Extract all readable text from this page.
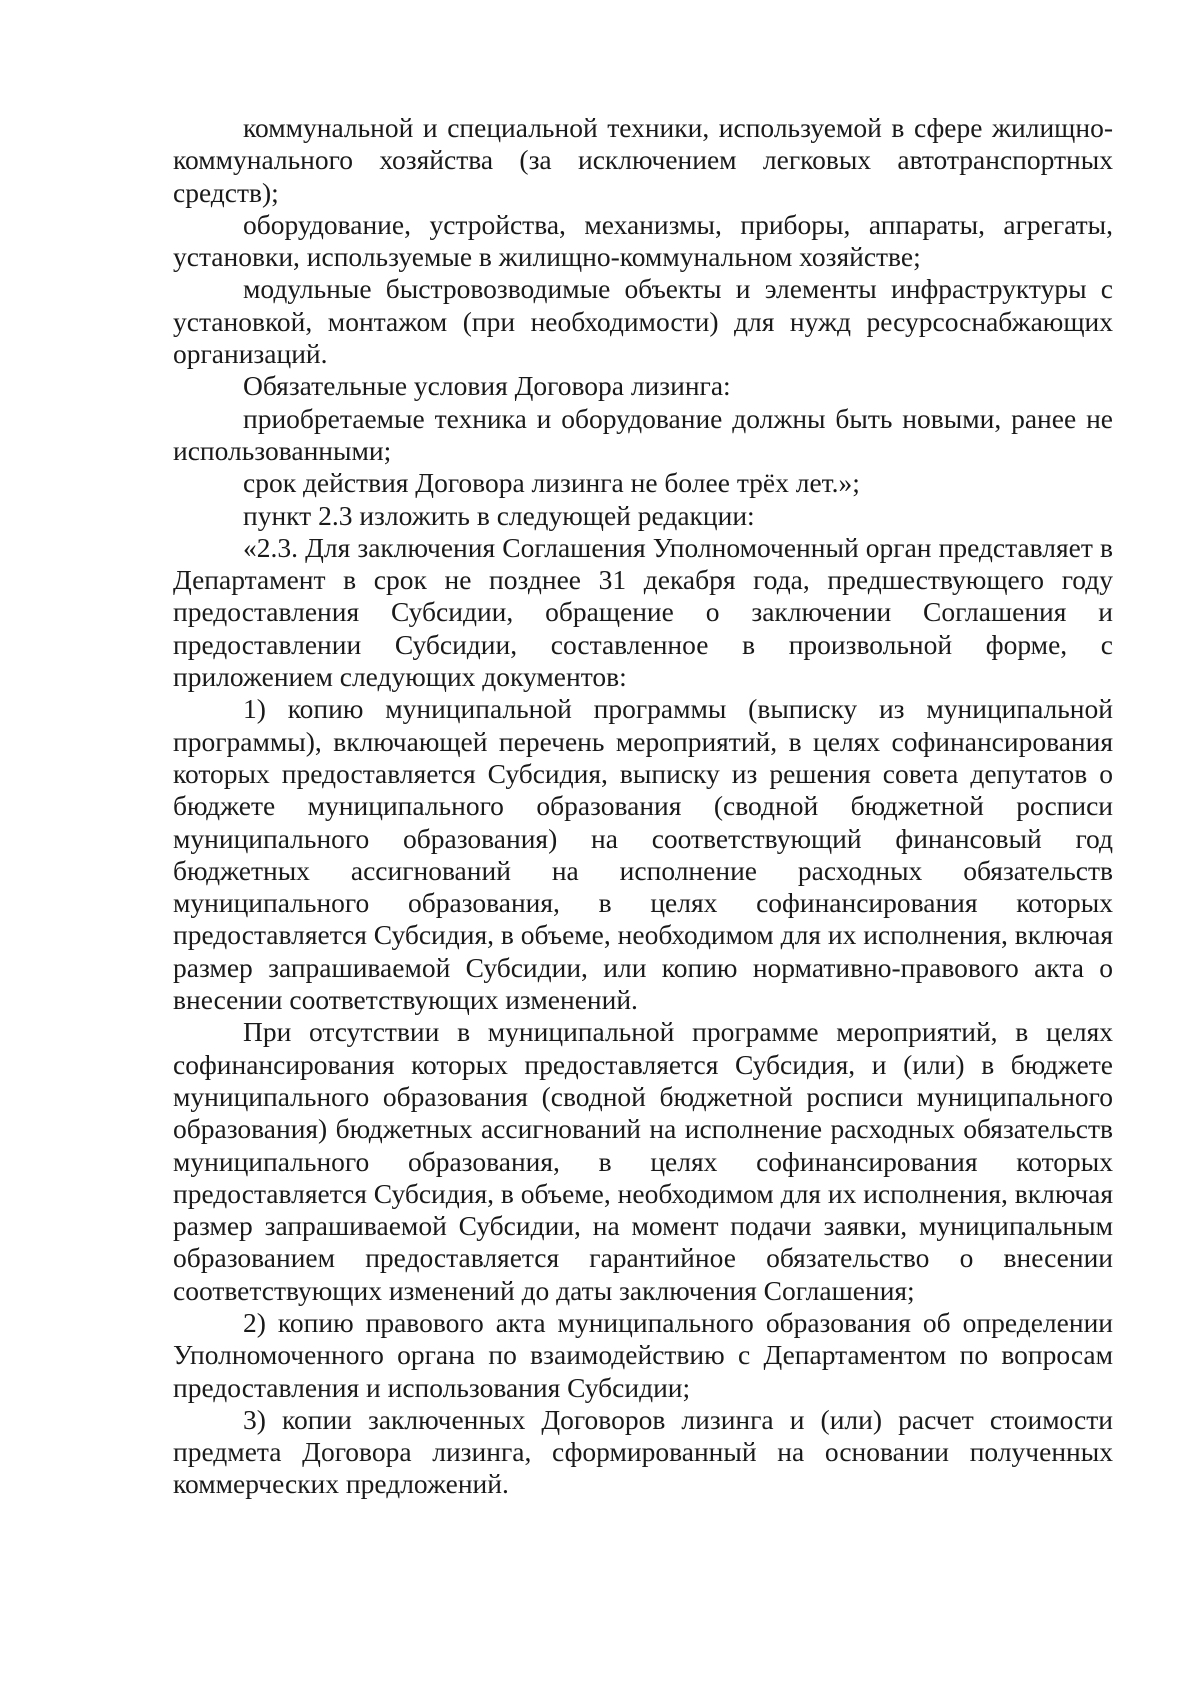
коммунальной и специальной техники, используемой в сфере жилищно-коммунального хозяйства (за исключением легковых автотранспортных средств);

оборудование, устройства, механизмы, приборы, аппараты, агрегаты, установки, используемые в жилищно-коммунальном хозяйстве;

модульные быстровозводимые объекты и элементы инфраструктуры с установкой, монтажом (при необходимости) для нужд ресурсоснабжающих организаций.

Обязательные условия Договора лизинга:

приобретаемые техника и оборудование должны быть новыми, ранее не использованными;

срок действия Договора лизинга не более трёх лет.»;

пункт 2.3 изложить в следующей редакции:

«2.3. Для заключения Соглашения Уполномоченный орган представляет в Департамент в срок не позднее 31 декабря года, предшествующего году предоставления Субсидии, обращение о заключении Соглашения и предоставлении Субсидии, составленное в произвольной форме, с приложением следующих документов:

1) копию муниципальной программы (выписку из муниципальной программы), включающей перечень мероприятий, в целях софинансирования которых предоставляется Субсидия, выписку из решения совета депутатов о бюджете муниципального образования (сводной бюджетной росписи муниципального образования) на соответствующий финансовый год бюджетных ассигнований на исполнение расходных обязательств муниципального образования, в целях софинансирования которых предоставляется Субсидия, в объеме, необходимом для их исполнения, включая размер запрашиваемой Субсидии, или копию нормативно-правового акта о внесении соответствующих изменений.

При отсутствии в муниципальной программе мероприятий, в целях софинансирования которых предоставляется Субсидия, и (или) в бюджете муниципального образования (сводной бюджетной росписи муниципального образования) бюджетных ассигнований на исполнение расходных обязательств муниципального образования, в целях софинансирования которых предоставляется Субсидия, в объеме, необходимом для их исполнения, включая размер запрашиваемой Субсидии, на момент подачи заявки, муниципальным образованием предоставляется гарантийное обязательство о внесении соответствующих изменений до даты заключения Соглашения;

2) копию правового акта муниципального образования об определении Уполномоченного органа по взаимодействию с Департаментом по вопросам предоставления и использования Субсидии;

3) копии заключенных Договоров лизинга и (или) расчет стоимости предмета Договора лизинга, сформированный на основании полученных коммерческих предложений.
